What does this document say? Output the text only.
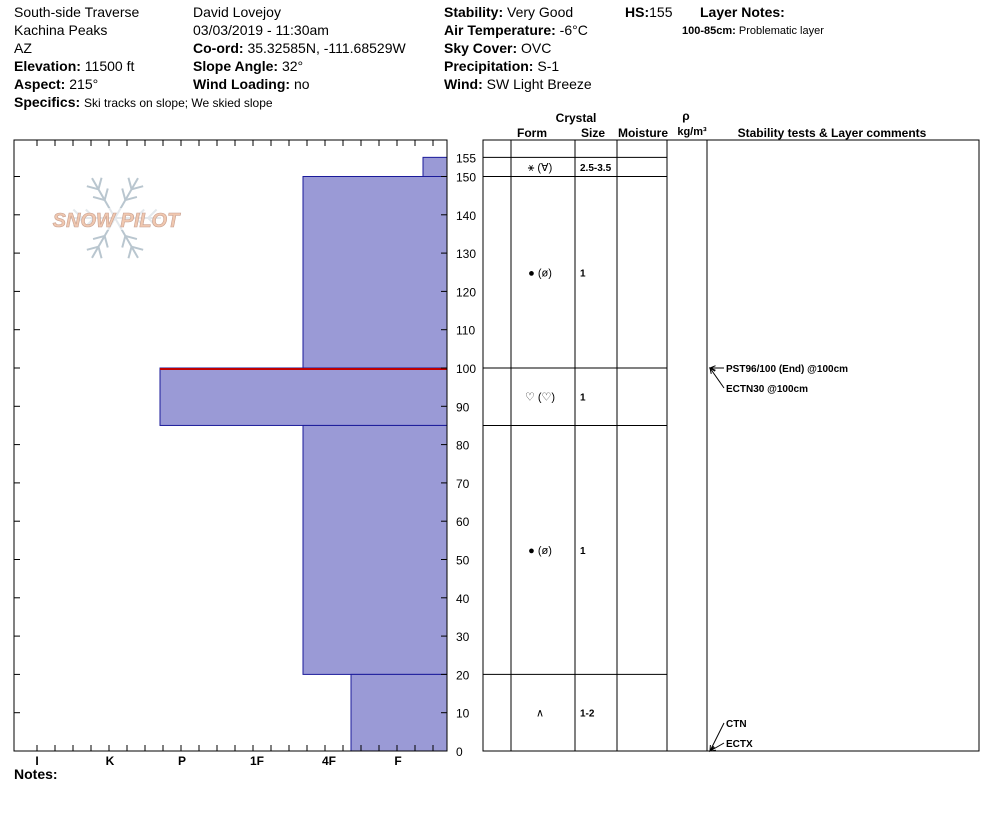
South-side Traverse
Kachina Peaks
AZ
Elevation: 11500 ft
Aspect: 215°
Specifics: Ski tracks on slope; We skied slope
David Lovejoy
03/03/2019 - 11:30am
Co-ord: 35.32585N, -111.68529W
Slope Angle: 32°
Wind Loading: no
Stability: Very Good
Air Temperature: -6°C
Sky Cover: OVC
Precipitation: S-1
Wind: SW Light Breeze
HS:155 Layer Notes:
100-85cm: Problematic layer
Notes:
SNOW PILOT
I	K	P	1F	4F	F
0
10
20
30
40
50
60
70
80
90
100
110
120
130
140
150
155
Crystal
Form	Size Moisture
ρ
kg/m³	Stability tests & Layer comments
⚹ (∀)	2.5-3.5
● (ø)	1
♡ (♡) 1
● (ø)	1
∧	1-2
PST96/100 (End) @100cm
ECTN30 @100cm
CTN
ECTX
